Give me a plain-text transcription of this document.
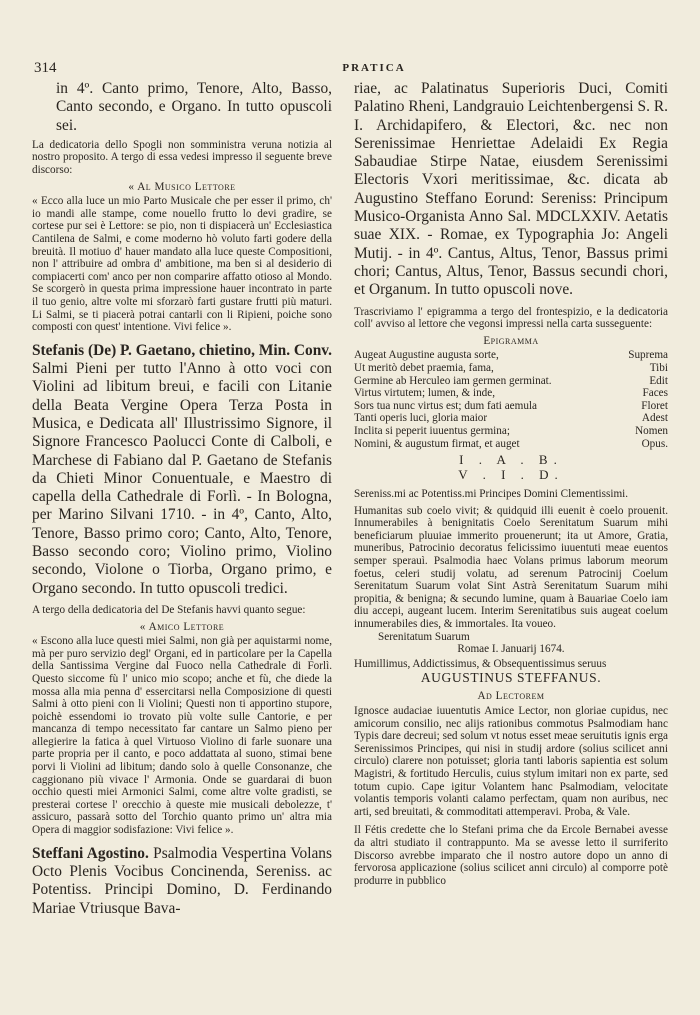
314	PRATICA

in 4º. Canto primo, Tenore, Alto, Basso, Canto secondo, e Organo. In tutto opuscoli sei.

La dedicatoria dello Spogli non somministra veruna notizia al nostro proposito. A tergo di essa vedesi impresso il seguente breve discorso:

« Al Musico Lettore

« Ecco alla luce un mio Parto Musicale che per esser il primo, ch' io mandi alle stampe, come nouello frutto lo devi gradire, se cortese pur sei è Lettore: se pio, non ti dispiacerà un' Ecclesiastica Cantilena de Salmi, e come moderno hò voluto farti godere della breuità. Il motiuo d' hauer mandato alla luce queste Compositioni, non l' attribuire ad ombra d' ambitione, ma ben si al desiderio di compiacerti com' anco per non comparire affatto otioso al Mondo. Se scorgerò in questa prima impressione hauer incontrato in parte il tuo genio, altre volte mi sforzarò farti gustare frutti più maturi. Li Salmi, se ti piacerà potrai cantarli con li Ripieni, poiche sono composti con quest' intentione. Vivi felice ».

Stefanis (De) P. Gaetano, chietino, Min. Conv. Salmi Pieni per tutto l'Anno à otto voci con Violini ad libitum breui, e facili con Litanie della Beata Vergine Opera Terza Posta in Musica, e Dedicata all' Illustrissimo Signore, il Signore Francesco Paolucci Conte di Calboli, e Marchese di Fabiano dal P. Gaetano de Stefanis da Chieti Minor Conuentuale, e Maestro di capella della Cathedrale di Forlì. - In Bologna, per Marino Silvani 1710. - in 4º, Canto, Alto, Tenore, Basso primo coro; Canto, Alto, Tenore, Basso secondo coro; Violino primo, Violino secondo, Violone o Tiorba, Organo primo, e Organo secondo. In tutto opuscoli tredici.

A tergo della dedicatoria del De Stefanis havvi quanto segue:

« Amico Lettore

« Escono alla luce questi miei Salmi, non già per aquistarmi nome, mà per puro servizio degl' Organi, ed in particolare per la Capella della Santissima Vergine dal Fuoco nella Cathedrale di Forlì. Questo siccome fù l' unico mio scopo; anche et fù, che diede la mossa alla mia penna d' essercitarsi nella Composizione di questi Salmi à otto pieni con li Violini; Questi non ti apportino stupore, poichè essendomi io trovato più volte sulle Cantorie, e per mancanza di tempo necessitato far cantare un Salmo pieno per allegierire la fatica à quel Virtuoso Violino di farle suonare una parte propria per il canto, e poco addattata al suono, stimai bene porvi li Violini ad libitum; dando solo à quelle Consonanze, che caggionano più vivace l' Armonia. Onde se guardarai di buon occhio questi miei Armonici Salmi, come altre volte gradisti, se presterai cortese l' orecchio à queste mie musicali debolezze, t' assicuro, passarà sotto del Torchio quanto primo un' altra mia Opera di maggior sodisfazione: Vivi felice ».

Steffani Agostino. Psalmodia Vespertina Volans Octo Plenis Vocibus Concinenda, Sereniss. ac Potentiss. Principi Domino, D. Ferdinando Mariae Vtriusque Bava-

riae, ac Palatinatus Superioris Duci, Comiti Palatino Rheni, Landgrauio Leichtenbergensi S. R. I. Archidapifero, & Electori, &c. nec non Serenissimae Henriettae Adelaidi Ex Regia Sabaudiae Stirpe Natae, eiusdem Serenissimi Electoris Vxori meritissimae, &c. dicata ab Augustino Steffano Eorund: Sereniss: Principum Musico-Organista Anno Sal. MDCLXXIV. Aetatis suae XIX. - Romae, ex Typographia Jo: Angeli Mutij. - in 4º. Cantus, Altus, Tenor, Bassus primi chori; Cantus, Altus, Tenor, Bassus secundi chori, et Organum. In tutto opuscoli nove.

Trascriviamo l' epigramma a tergo del frontespizio, e la dedicatoria coll' avviso al lettore che vegonsi impressi nella carta susseguente:

Epigramma

Augeat Augustine augusta sorte,	Suprema
Ut meritò debet praemia, fama,	Tibi
Germine ab Herculeo iam germen germinat.	Edit
Virtus virtutem; lumen, & inde,	Faces
Sors tua nunc virtus est; dum fati aemula	Floret
Tanti operis luci, gloria maior	Adest
Inclita si peperit iuuentus germina;	Nomen
Nomini, & augustum firmat, et auget	Opus.

I . A . B.

V . I . D.

Sereniss.mi ac Potentiss.mi Principes Domini Clementissimi.

Humanitas sub coelo vivit; & quidquid illi euenit è coelo prouenit. Innumerabiles à benignitatis Coelo Serenitatum Suarum mihi beneficiarum pluuiae immerito prouenerunt; ita ut Amore, Gratia, muneribus, Patrocinio decoratus felicissimo iuuentuti meae euentos semper sperauì. Psalmodia haec Volans primus laborum meorum foetus, celeri studij volatu, ad serenum Patrocinij Coelum Serenitatum Suarum volat Sint Astrà Serenitatum Suarum mihi propitia, & benigna; & secundo lumine, quam à Bauariae Coelo iam diu accepi, augeant lucem. Interim Serenitatibus suis augeat coelum innumerabiles dies, & immortales. Ita voueo.

Serenitatum Suarum

Romae I. Januarij 1674.

Humillimus, Addictissimus, & Obsequentissimus seruus

AUGUSTINUS STEFFANUS.

Ad Lectorem

Ignosce audaciae iuuentutis Amice Lector, non gloriae cupidus, nec amicorum consilio, nec alijs rationibus commotus Psalmodiam hanc Typis dare decreui; sed solum vt notus esset meae seruitutis ignis erga Serenissimos Principes, qui nisi in studij ardore (solius scilicet anni circulo) clarere non potuisset; gloria tanti laboris sapientia est solum Magistri, & fortitudo Herculis, cuius stylum imitari non ex parte, sed totum cupio. Cape igitur Volantem hanc Psalmodiam, velocitate volantis temporis volanti calamo perfectam, quam non auribus, nec arti, sed breuitati, & commoditati attemperavi. Proba, & Vale.

Il Fétis credette che lo Stefani prima che da Ercole Bernabei avesse da altri studiato il contrappunto. Ma se avesse letto il surriferito Discorso avrebbe imparato che il nostro autore dopo un anno di fervorosa applicazione (solius scilicet anni circulo) al comporre potè produrre in pubblico
